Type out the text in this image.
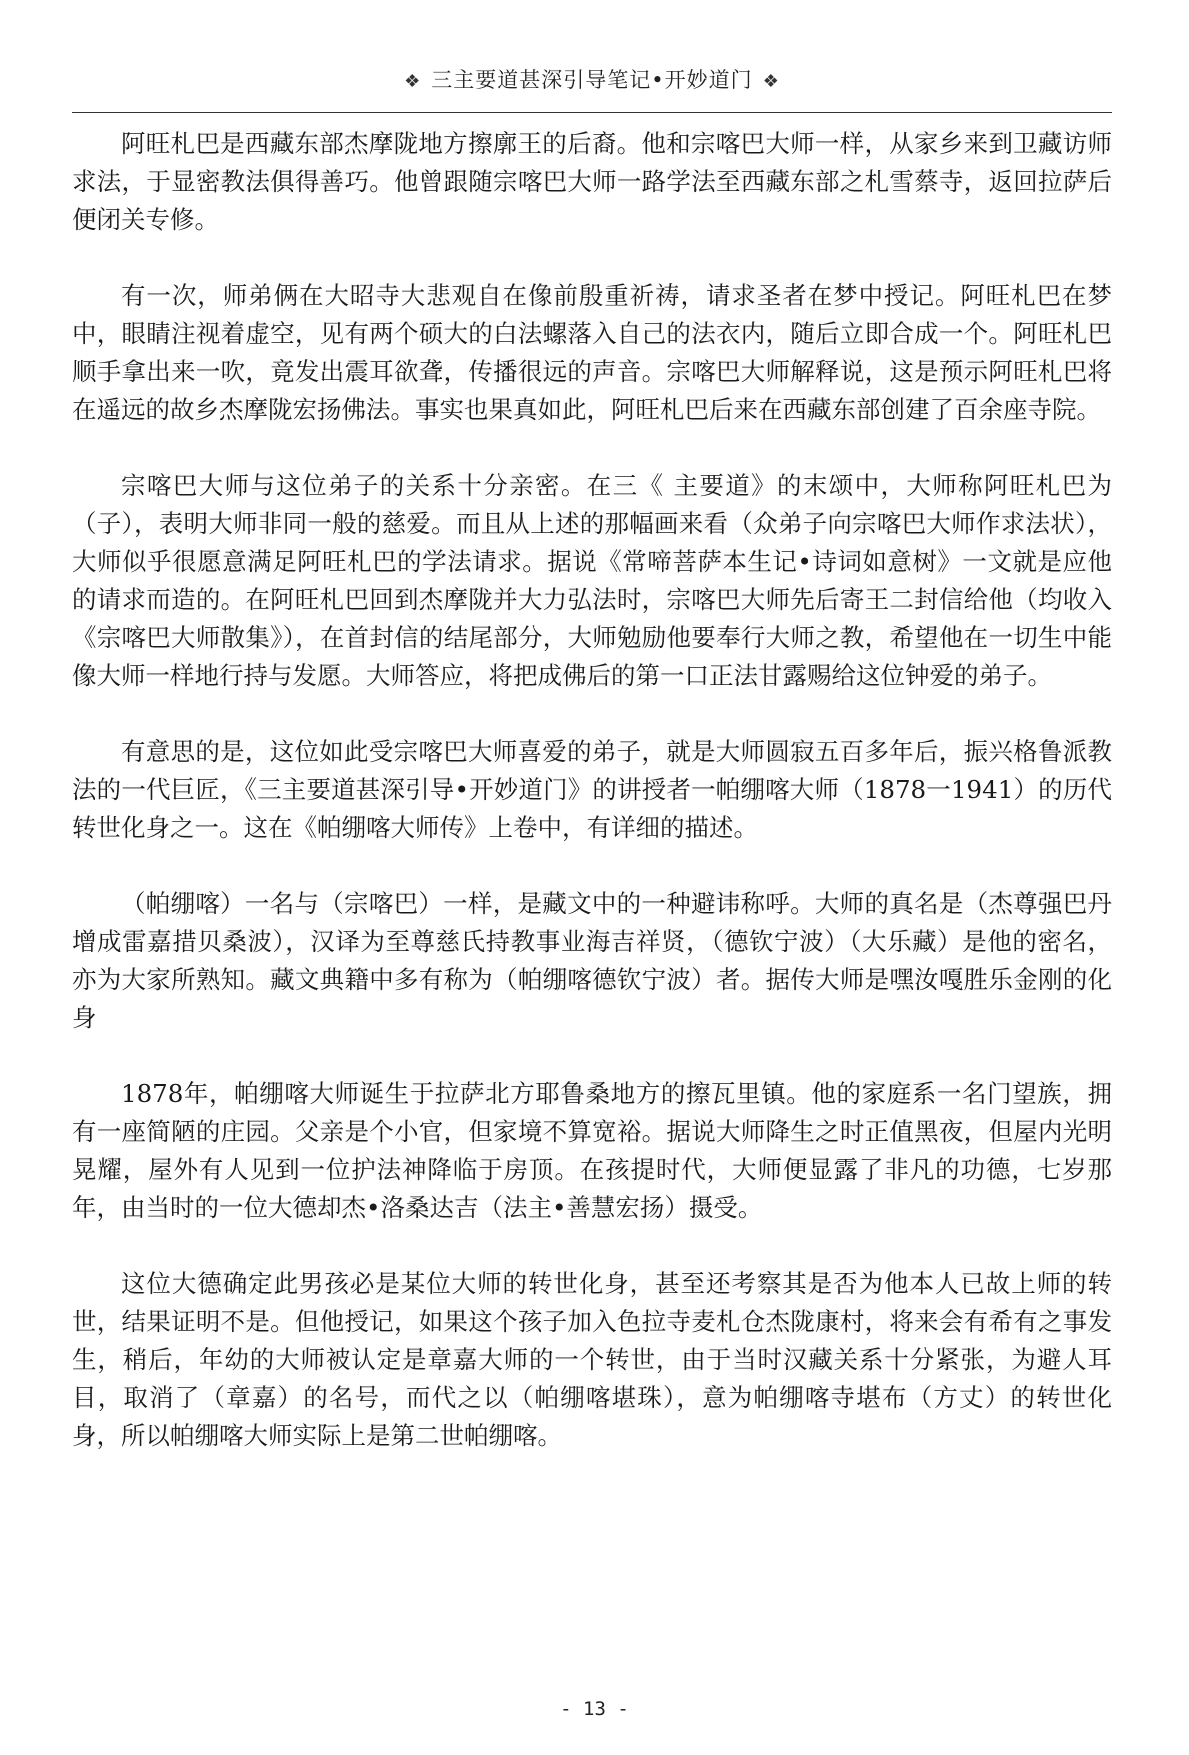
❖ 三主要道甚深引导笔记•开妙道门 ❖

阿旺札巴是西藏东部杰摩陇地方擦廓王的后裔。他和宗喀巴大师一样，从家乡来到卫藏访师求法，于显密教法俱得善巧。他曾跟随宗喀巴大师一路学法至西藏东部之札雪蔡寺，返回拉萨后便闭关专修。

有一次，师弟俩在大昭寺大悲观自在像前殷重祈祷，请求圣者在梦中授记。阿旺札巴在梦中，眼睛注视着虚空，见有两个硕大的白法螺落入自己的法衣内，随后立即合成一个。阿旺札巴顺手拿出来一吹，竟发出震耳欲聋，传播很远的声音。宗喀巴大师解释说，这是预示阿旺札巴将在遥远的故乡杰摩陇宏扬佛法。事实也果真如此，阿旺札巴后来在西藏东部创建了百余座寺院。

宗喀巴大师与这位弟子的关系十分亲密。在三《 主要道》的末颂中，大师称阿旺札巴为（子），表明大师非同一般的慈爱。而且从上述的那幅画来看（众弟子向宗喀巴大师作求法状），大师似乎很愿意满足阿旺札巴的学法请求。据说《常啼菩萨本生记•诗词如意树》一文就是应他的请求而造的。在阿旺札巴回到杰摩陇并大力弘法时，宗喀巴大师先后寄王二封信给他（均收入《宗喀巴大师散集》），在首封信的结尾部分，大师勉励他要奉行大师之教，希望他在一切生中能像大师一样地行持与发愿。大师答应，将把成佛后的第一口正法甘露赐给这位钟爱的弟子。

有意思的是，这位如此受宗喀巴大师喜爱的弟子，就是大师圆寂五百多年后，振兴格鲁派教法的一代巨匠，《三主要道甚深引导•开妙道门》的讲授者一帕绷喀大师（1878一1941）的历代转世化身之一。这在《帕绷喀大师传》上卷中，有详细的描述。

（帕绷喀）一名与（宗喀巴）一样，是藏文中的一种避讳称呼。大师的真名是（杰尊强巴丹增成雷嘉措贝桑波），汉译为至尊慈氏持教事业海吉祥贤，（德钦宁波）（大乐藏）是他的密名，亦为大家所熟知。藏文典籍中多有称为（帕绷喀德钦宁波）者。据传大师是嘿汝嘎胜乐金刚的化身

1878年，帕绷喀大师诞生于拉萨北方耶鲁桑地方的擦瓦里镇。他的家庭系一名门望族，拥有一座简陋的庄园。父亲是个小官，但家境不算宽裕。据说大师降生之时正值黑夜，但屋内光明晃耀，屋外有人见到一位护法神降临于房顶。在孩提时代，大师便显露了非凡的功德，七岁那年，由当时的一位大德却杰•洛桑达吉（法主•善慧宏扬）摄受。

这位大德确定此男孩必是某位大师的转世化身，甚至还考察其是否为他本人已故上师的转世，结果证明不是。但他授记，如果这个孩子加入色拉寺麦札仓杰陇康村，将来会有希有之事发生，稍后，年幼的大师被认定是章嘉大师的一个转世，由于当时汉藏关系十分紧张，为避人耳目，取消了（章嘉）的名号，而代之以（帕绷喀堪珠），意为帕绷喀寺堪布（方丈）的转世化身，所以帕绷喀大师实际上是第二世帕绷喀。

- 13 -
